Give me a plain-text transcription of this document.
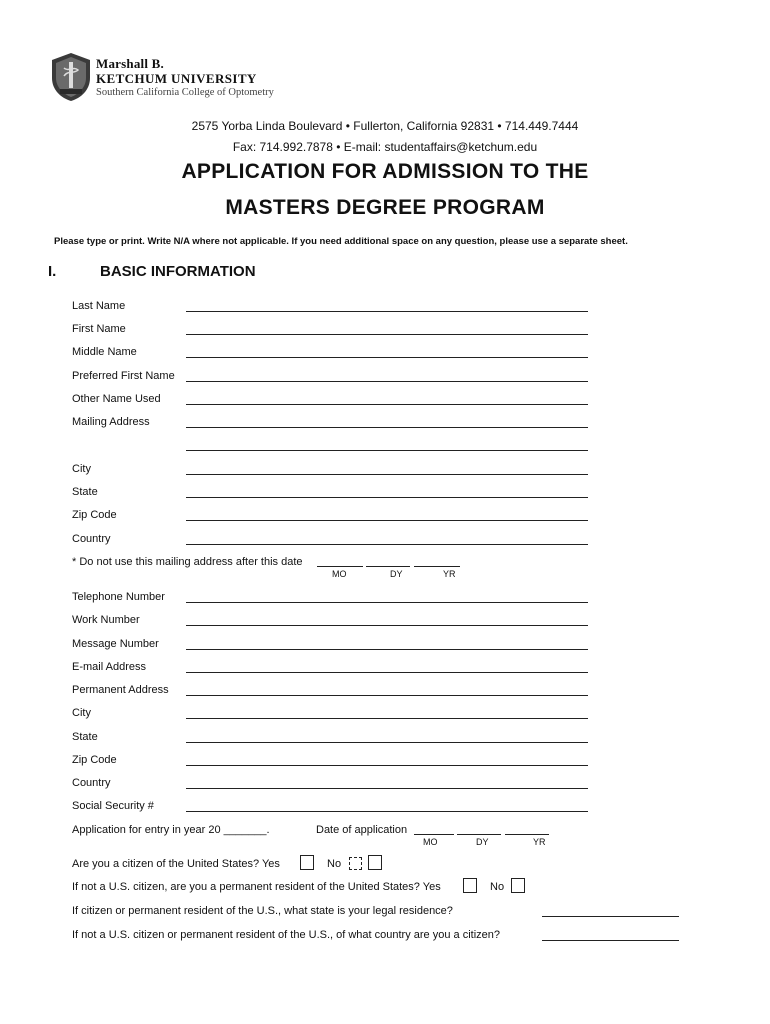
Marshall B.
KETCHUM UNIVERSITY
Southern California College of Optometry
2575 Yorba Linda Boulevard • Fullerton, California 92831 • 714.449.7444
Fax: 714.992.7878 • E-mail: studentaffairs@ketchum.edu
APPLICATION FOR ADMISSION TO THE
MASTERS DEGREE PROGRAM
Please type or print. Write N/A where not applicable. If you need additional space on any question, please use a separate sheet.
I.	BASIC INFORMATION
Last Name
First Name
Middle Name
Preferred First Name
Other Name Used
Mailing Address
City
State
Zip Code
Country
* Do not use this mailing address after this date
MO	DY	YR
Telephone Number
Work Number
Message Number
E-mail Address
Permanent Address
City
State
Zip Code
Country
Social Security #
Application for entry in year 20 _______.	Date of application
MO	DY	YR
Are you a citizen of the United States? Yes	No
If not a U.S. citizen, are you a permanent resident of the United States? Yes	No
If citizen or permanent resident of the U.S., what state is your legal residence?
If not a U.S. citizen or permanent resident of the U.S., of what country are you a citizen?
